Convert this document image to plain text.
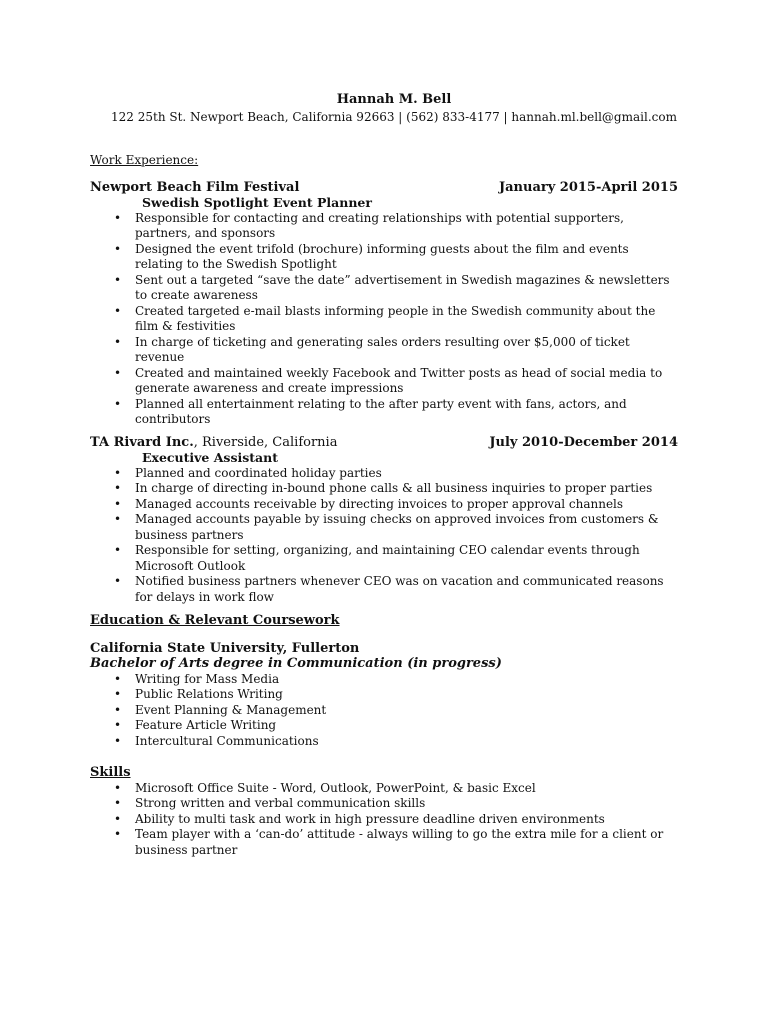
Hannah M. Bell
122 25th St. Newport Beach, California 92663 | (562) 833-4177 | hannah.ml.bell@gmail.com
Work Experience:
Newport Beach Film Festival	January 2015-April 2015
Swedish Spotlight Event Planner
• Responsible for contacting and creating relationships with potential supporters, partners, and sponsors
• Designed the event trifold (brochure) informing guests about the film and events relating to the Swedish Spotlight
• Sent out a targeted “save the date” advertisement in Swedish magazines & newsletters to create awareness
• Created targeted e-mail blasts informing people in the Swedish community about the film & festivities
• In charge of ticketing and generating sales orders resulting over $5,000 of ticket revenue
• Created and maintained weekly Facebook and Twitter posts as head of social media to generate awareness and create impressions
• Planned all entertainment relating to the after party event with fans, actors, and contributors
TA Rivard Inc., Riverside, California	July 2010-December 2014
Executive Assistant
• Planned and coordinated holiday parties
• In charge of directing in-bound phone calls & all business inquiries to proper parties
• Managed accounts receivable by directing invoices to proper approval channels
• Managed accounts payable by issuing checks on approved invoices from customers & business partners
• Responsible for setting, organizing, and maintaining CEO calendar events through Microsoft Outlook
• Notified business partners whenever CEO was on vacation and communicated reasons for delays in work flow
Education & Relevant Coursework
California State University, Fullerton
Bachelor of Arts degree in Communication (in progress)
• Writing for Mass Media
• Public Relations Writing
• Event Planning & Management
• Feature Article Writing
• Intercultural Communications
Skills
• Microsoft Office Suite - Word, Outlook, PowerPoint, & basic Excel
• Strong written and verbal communication skills
• Ability to multi task and work in high pressure deadline driven environments
• Team player with a ‘can-do’ attitude - always willing to go the extra mile for a client or business partner
